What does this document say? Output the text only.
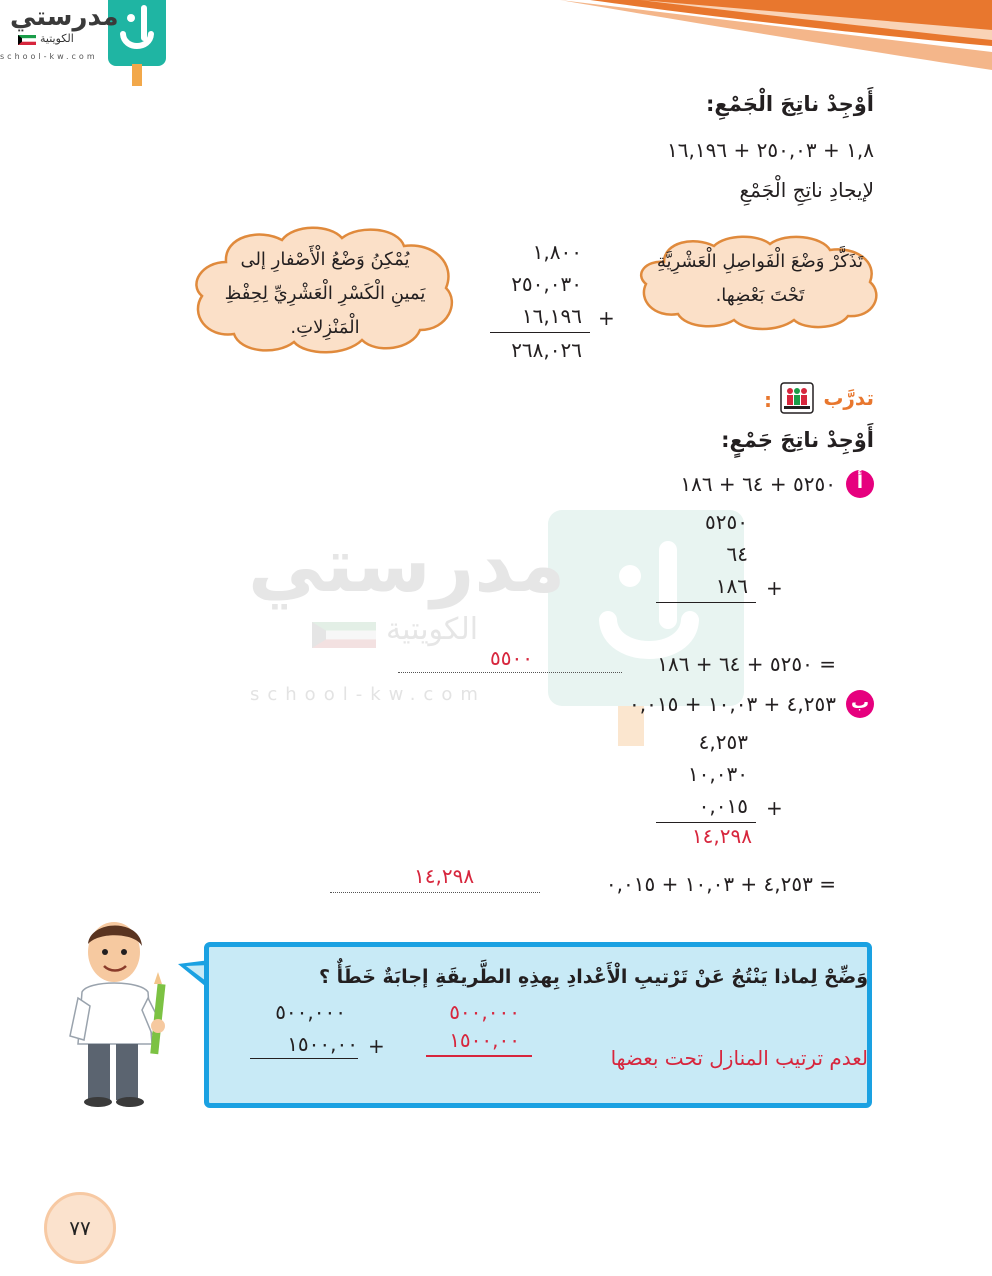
مدرستي
الكويتية
school-kw.com
مدرستي
الكويتية
school-kw.com
أَوْجِدْ ناتِجَ الْجَمْعِ:
١,٨ + ٢٥٠,٠٣ + ١٦,١٩٦
لإيجادِ ناتِجِ الْجَمْعِ
تَذَكَّرْ وَضْعَ الْفَواصِلِ الْعَشْرِيَّةِ
تَحْتَ بَعْضِها.
يُمْكِنُ وَضْعُ الْأَصْفارِ إلى
يَمينِ الْكَسْرِ الْعَشْرِيِّ لِحِفْظِ
الْمَنْزِلاتِ.
١,٨٠٠
٢٥٠,٠٣٠
١٦,١٩٦ +
٢٦٨,٠٢٦
تدرَّب
:
أَوْجِدْ ناتِجَ جَمْعٍ:
أ
٥٢٥٠ + ٦٤ + ١٨٦
٥٢٥٠
٦٤
١٨٦ +
٥٢٥٠ + ٦٤ + ١٨٦ =
٥٥٠٠
ب
٤,٢٥٣ + ١٠,٠٣ + ٠,٠١٥
٤,٢٥٣
١٠,٠٣٠
٠,٠١٥ +
١٤,٢٩٨
٤,٢٥٣ + ١٠,٠٣ + ٠,٠١٥ =
١٤,٢٩٨
وَضِّحْ لِماذا يَنْتُجُ عَنْ تَرْتيبِ الْأَعْدادِ بِهذِهِ الطَّريقَةِ إجابَةٌ خَطَأٌ ؟
٥٠٠,٠٠٠
١٥٠٠,٠٠ +
٥٠٠,٠٠٠
١٥٠٠,٠٠
لعدم ترتيب المنازل تحت بعضها
٧٧
